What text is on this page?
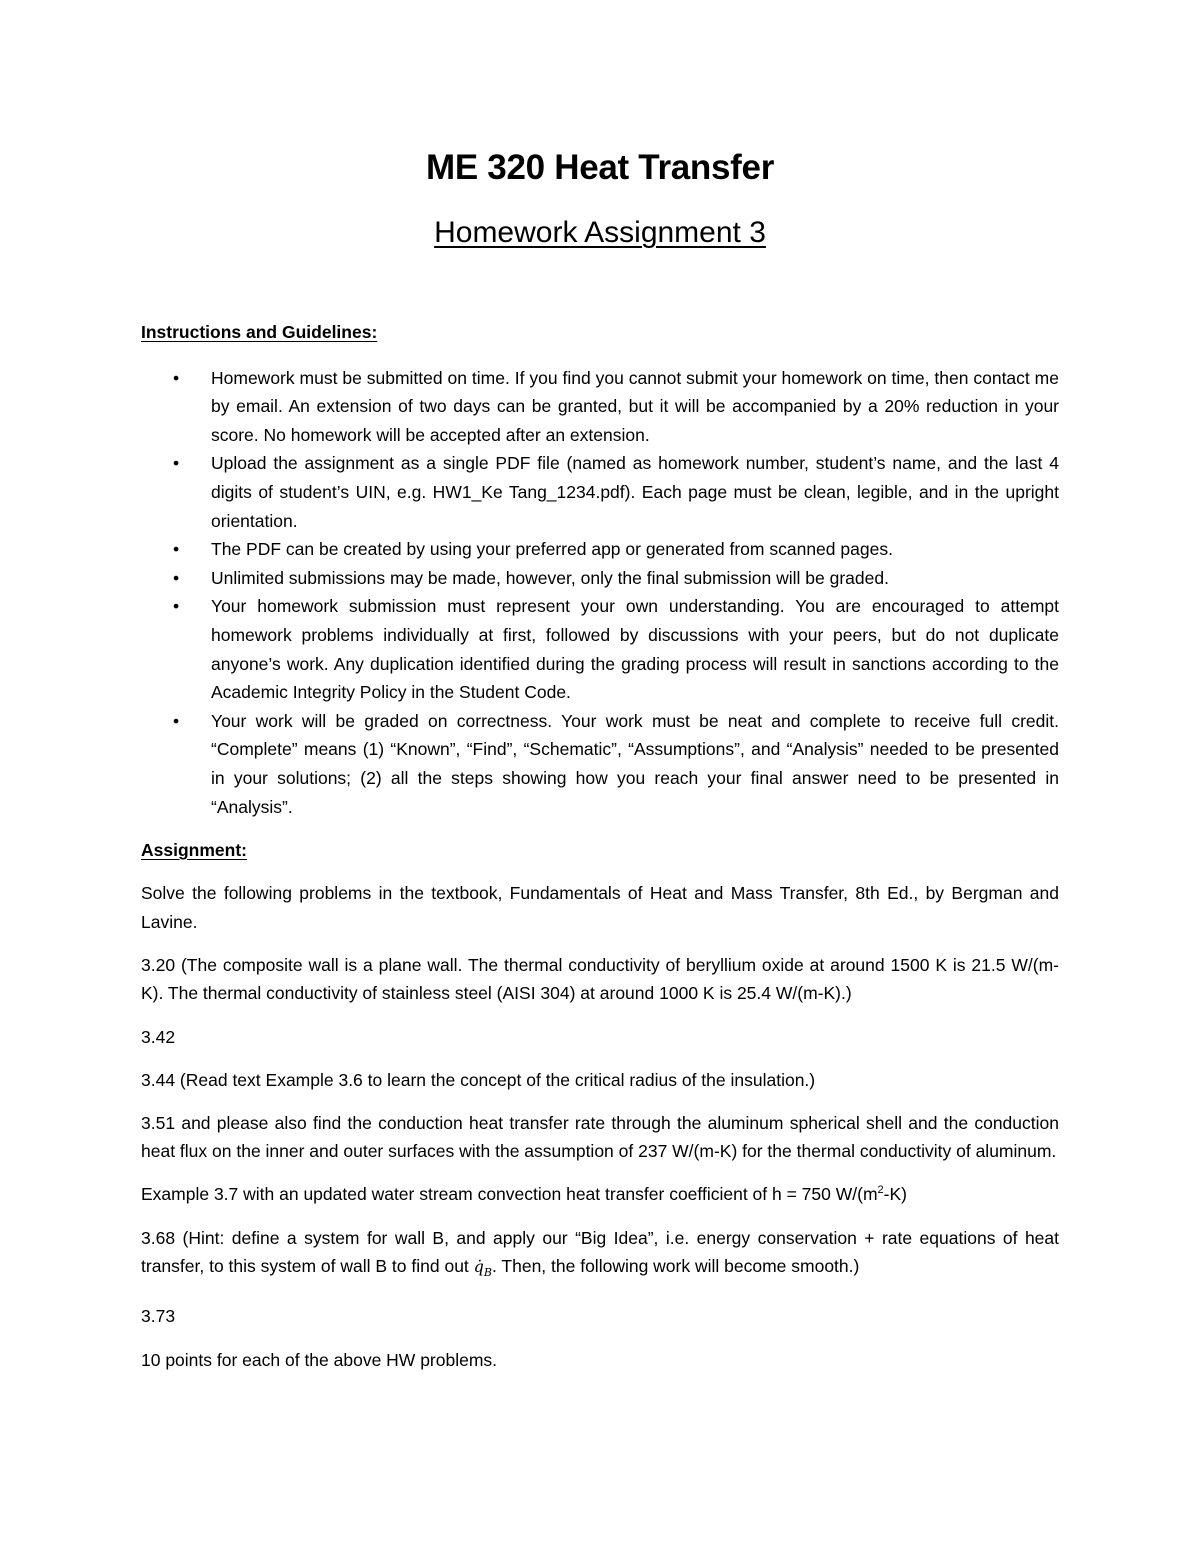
ME 320 Heat Transfer
Homework Assignment 3

Instructions and Guidelines:

• Homework must be submitted on time. If you find you cannot submit your homework on time, then contact me by email. An extension of two days can be granted, but it will be accompanied by a 20% reduction in your score. No homework will be accepted after an extension.
• Upload the assignment as a single PDF file (named as homework number, student’s name, and the last 4 digits of student’s UIN, e.g. HW1_Ke Tang_1234.pdf). Each page must be clean, legible, and in the upright orientation.
• The PDF can be created by using your preferred app or generated from scanned pages.
• Unlimited submissions may be made, however, only the final submission will be graded.
• Your homework submission must represent your own understanding. You are encouraged to attempt homework problems individually at first, followed by discussions with your peers, but do not duplicate anyone’s work. Any duplication identified during the grading process will result in sanctions according to the Academic Integrity Policy in the Student Code.
• Your work will be graded on correctness. Your work must be neat and complete to receive full credit. “Complete” means (1) “Known”, “Find”, “Schematic”, “Assumptions”, and “Analysis” needed to be presented in your solutions; (2) all the steps showing how you reach your final answer need to be presented in “Analysis”.

Assignment:

Solve the following problems in the textbook, Fundamentals of Heat and Mass Transfer, 8th Ed., by Bergman and Lavine.

3.20 (The composite wall is a plane wall. The thermal conductivity of beryllium oxide at around 1500 K is 21.5 W/(m-K). The thermal conductivity of stainless steel (AISI 304) at around 1000 K is 25.4 W/(m-K).)

3.42

3.44 (Read text Example 3.6 to learn the concept of the critical radius of the insulation.)

3.51 and please also find the conduction heat transfer rate through the aluminum spherical shell and the conduction heat flux on the inner and outer surfaces with the assumption of 237 W/(m-K) for the thermal conductivity of aluminum.

Example 3.7 with an updated water stream convection heat transfer coefficient of h = 750 $W/(m^2-K)$

3.68 (Hint: define a system for wall B, and apply our “Big Idea”, i.e. energy conservation + rate equations of heat transfer, to this system of wall B to find out $q̇_B$. Then, the following work will become smooth.)

3.73

10 points for each of the above HW problems.
